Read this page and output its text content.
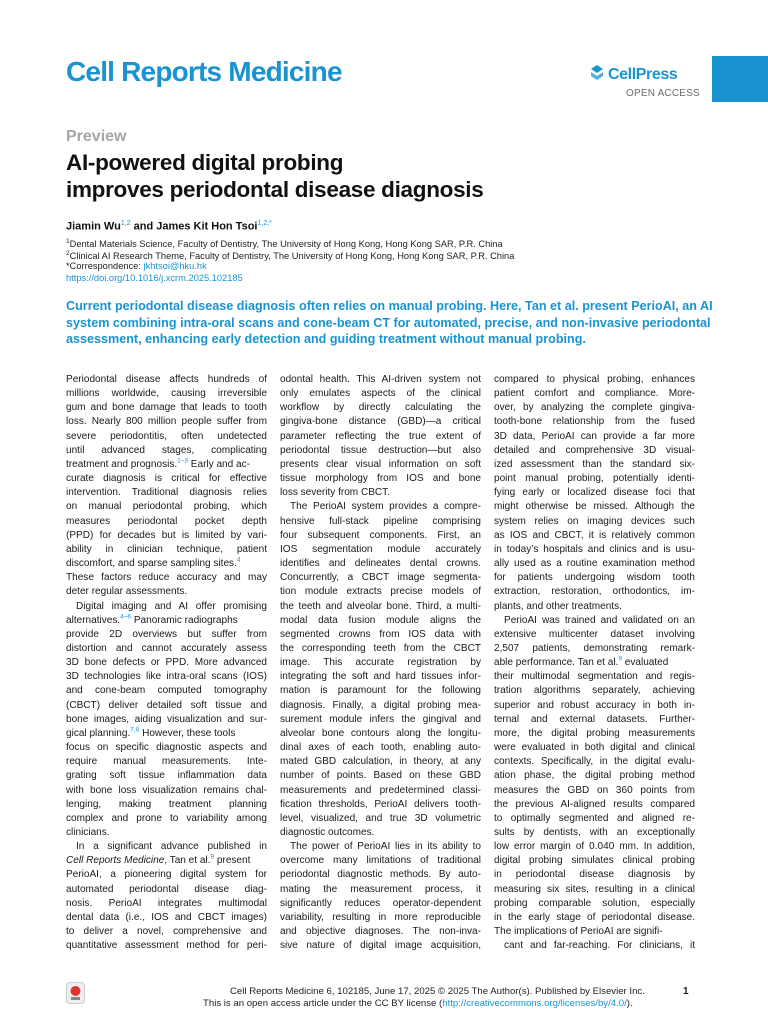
Cell Reports Medicine	CellPress
OPEN ACCESS
Preview
AI-powered digital probing
improves periodontal disease diagnosis
Jiamin Wu$^{1,2}$ and James Kit Hon Tsoi$^{1,2,*}$
$^1$Dental Materials Science, Faculty of Dentistry, The University of Hong Kong, Hong Kong SAR, P.R. China
$^2$Clinical AI Research Theme, Faculty of Dentistry, The University of Hong Kong, Hong Kong SAR, P.R. China
*Correspondence: jkhtsoi@hku.hk
https://doi.org/10.1016/j.xcrm.2025.102185
Current periodontal disease diagnosis often relies on manual probing. Here, Tan et al. present PerioAI, an AI
system combining intra-oral scans and cone-beam CT for automated, precise, and non-invasive periodontal
assessment, enhancing early detection and guiding treatment without manual probing.
Periodontal disease affects hundreds of
millions worldwide, causing irreversible
gum and bone damage that leads to tooth
loss. Nearly 800 million people suffer from
severe periodontitis, often undetected
until advanced stages, complicating
treatment and prognosis.$^{1-3}$ Early and ac-
curate diagnosis is critical for effective
intervention. Traditional diagnosis relies
on manual periodontal probing, which
measures periodontal pocket depth
(PPD) for decades but is limited by vari-
ability in clinician technique, patient
discomfort, and sparse sampling sites.$^4$
These factors reduce accuracy and may
deter regular assessments.
Digital imaging and AI offer promising
alternatives.$^{4-6}$ Panoramic radiographs
provide 2D overviews but suffer from
distortion and cannot accurately assess
3D bone defects or PPD. More advanced
3D technologies like intra-oral scans (IOS)
and cone-beam computed tomography
(CBCT) deliver detailed soft tissue and
bone images, aiding visualization and sur-
gical planning.$^{7,8}$ However, these tools
focus on specific diagnostic aspects and
require manual measurements. Inte-
grating soft tissue inflammation data
with bone loss visualization remains chal-
lenging, making treatment planning
complex and prone to variability among
clinicians.
In a significant advance published in
Cell Reports Medicine, Tan et al.$^9$ present
PerioAI, a pioneering digital system for
automated periodontal disease diag-
nosis. PerioAI integrates multimodal
dental data (i.e., IOS and CBCT images)
to deliver a novel, comprehensive and
quantitative assessment method for peri-
odontal health. This AI-driven system not
only emulates aspects of the clinical
workflow by directly calculating the
gingiva-bone distance (GBD)—a critical
parameter reflecting the true extent of
periodontal tissue destruction—but also
presents clear visual information on soft
tissue morphology from IOS and bone
loss severity from CBCT.
The PerioAI system provides a compre-
hensive full-stack pipeline comprising
four subsequent components. First, an
IOS segmentation module accurately
identifies and delineates dental crowns.
Concurrently, a CBCT image segmenta-
tion module extracts precise models of
the teeth and alveolar bone. Third, a multi-
modal data fusion module aligns the
segmented crowns from IOS data with
the corresponding teeth from the CBCT
image. This accurate registration by
integrating the soft and hard tissues infor-
mation is paramount for the following
diagnosis. Finally, a digital probing mea-
surement module infers the gingival and
alveolar bone contours along the longitu-
dinal axes of each tooth, enabling auto-
mated GBD calculation, in theory, at any
number of points. Based on these GBD
measurements and predetermined classi-
fication thresholds, PerioAI delivers tooth-
level, visualized, and true 3D volumetric
diagnostic outcomes.
The power of PerioAI lies in its ability to
overcome many limitations of traditional
periodontal diagnostic methods. By auto-
mating the measurement process, it
significantly reduces operator-dependent
variability, resulting in more reproducible
and objective diagnoses. The non-inva-
sive nature of digital image acquisition,
compared to physical probing, enhances
patient comfort and compliance. More-
over, by analyzing the complete gingiva-
tooth-bone relationship from the fused
3D data, PerioAI can provide a far more
detailed and comprehensive 3D visual-
ized assessment than the standard six-
point manual probing, potentially identi-
fying early or localized disease foci that
might otherwise be missed. Although the
system relies on imaging devices such
as IOS and CBCT, it is relatively common
in today’s hospitals and clinics and is usu-
ally used as a routine examination method
for patients undergoing wisdom tooth
extraction, restoration, orthodontics, im-
plants, and other treatments.
PerioAI was trained and validated on an
extensive multicenter dataset involving
2,507 patients, demonstrating remark-
able performance. Tan et al.$^9$ evaluated
their multimodal segmentation and regis-
tration algorithms separately, achieving
superior and robust accuracy in both in-
ternal and external datasets. Further-
more, the digital probing measurements
were evaluated in both digital and clinical
contexts. Specifically, in the digital evalu-
ation phase, the digital probing method
measures the GBD on 360 points from
the previous AI-aligned results compared
to optimally segmented and aligned re-
sults by dentists, with an exceptionally
low error margin of 0.040 mm. In addition,
digital probing simulates clinical probing
in periodontal disease diagnosis by
measuring six sites, resulting in a clinical
probing comparable solution, especially
in the early stage of periodontal disease.
The implications of PerioAI are signifi-
cant and far-reaching. For clinicians, it
Cell Reports Medicine 6, 102185, June 17, 2025 © 2025 The Author(s). Published by Elsevier Inc.
This is an open access article under the CC BY license (http://creativecommons.org/licenses/by/4.0/).
1
